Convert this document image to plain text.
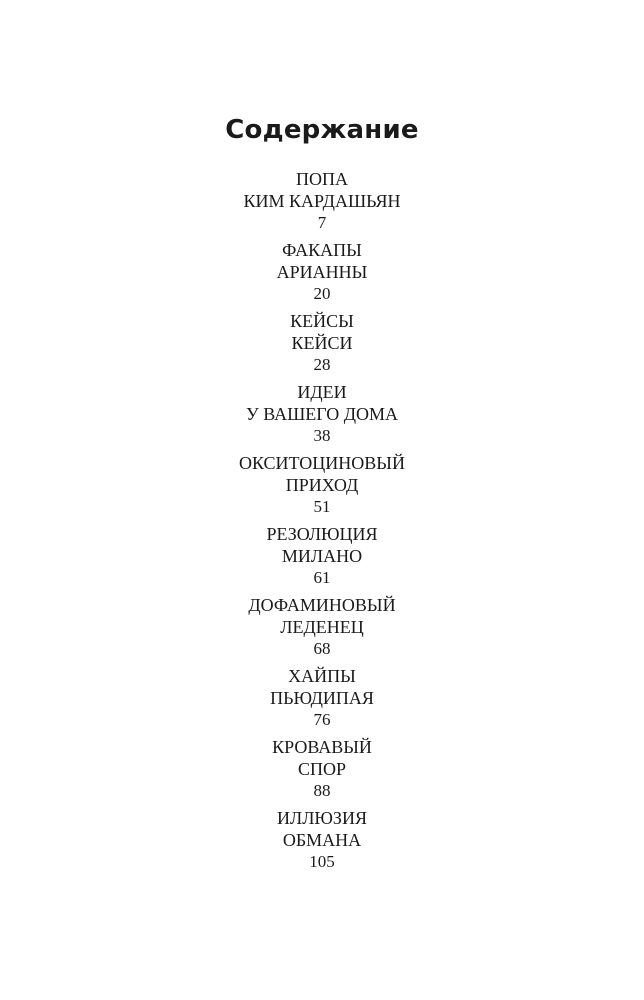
Содержание
ПОПА
КИМ КАРДАШЬЯН
7
ФАКАПЫ
АРИАННЫ
20
КЕЙСЫ
КЕЙСИ
28
ИДЕИ
У ВАШЕГО ДОМА
38
ОКСИТОЦИНОВЫЙ
ПРИХОД
51
РЕЗОЛЮЦИЯ
МИЛАНО
61
ДОФАМИНОВЫЙ
ЛЕДЕНЕЦ
68
ХАЙПЫ
ПЬЮДИПАЯ
76
КРОВАВЫЙ
СПОР
88
ИЛЛЮЗИЯ
ОБМАНА
105
